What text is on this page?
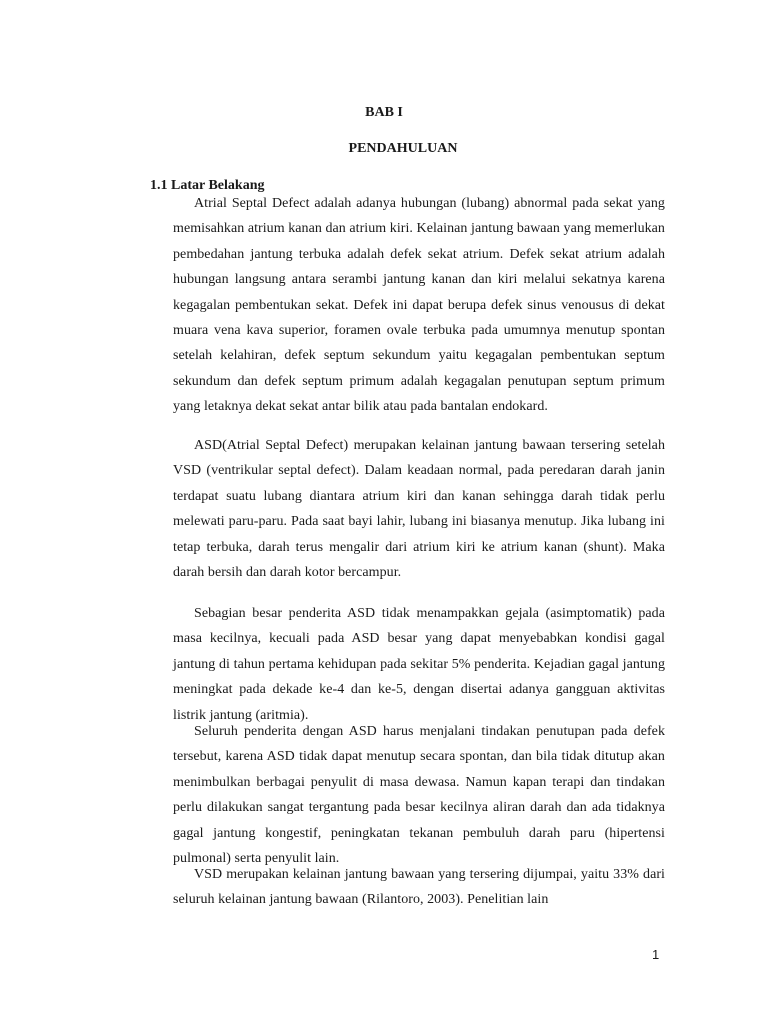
BAB I
PENDAHULUAN
1.1 Latar Belakang

Atrial Septal Defect adalah adanya hubungan (lubang) abnormal pada sekat yang memisahkan atrium kanan dan atrium kiri. Kelainan jantung bawaan yang memerlukan pembedahan jantung terbuka adalah defek sekat atrium. Defek sekat atrium adalah hubungan langsung antara serambi jantung kanan dan kiri melalui sekatnya karena kegagalan pembentukan sekat. Defek ini dapat berupa defek sinus venousus di dekat muara vena kava superior, foramen ovale terbuka pada umumnya menutup spontan setelah kelahiran, defek septum sekundum yaitu kegagalan pembentukan septum sekundum dan defek septum primum adalah kegagalan penutupan septum primum yang letaknya dekat sekat antar bilik atau pada bantalan endokard.

ASD(Atrial Septal Defect) merupakan kelainan jantung bawaan tersering setelah VSD (ventrikular septal defect). Dalam keadaan normal, pada peredaran darah janin terdapat suatu lubang diantara atrium kiri dan kanan sehingga darah tidak perlu melewati paru-paru. Pada saat bayi lahir, lubang ini biasanya menutup. Jika lubang ini tetap terbuka, darah terus mengalir dari atrium kiri ke atrium kanan (shunt). Maka darah bersih dan darah kotor bercampur.

Sebagian besar penderita ASD tidak menampakkan gejala (asimptomatik) pada masa kecilnya, kecuali pada ASD besar yang dapat menyebabkan kondisi gagal jantung di tahun pertama kehidupan pada sekitar 5% penderita. Kejadian gagal jantung meningkat pada dekade ke-4 dan ke-5, dengan disertai adanya gangguan aktivitas listrik jantung (aritmia).

Seluruh penderita dengan ASD harus menjalani tindakan penutupan pada defek tersebut, karena ASD tidak dapat menutup secara spontan, dan bila tidak ditutup akan menimbulkan berbagai penyulit di masa dewasa. Namun kapan terapi dan tindakan perlu dilakukan sangat tergantung pada besar kecilnya aliran darah dan ada tidaknya gagal jantung kongestif, peningkatan tekanan pembuluh darah paru (hipertensi pulmonal) serta penyulit lain.

VSD merupakan kelainan jantung bawaan yang tersering dijumpai, yaitu 33% dari seluruh kelainan jantung bawaan (Rilantoro, 2003). Penelitian lain

1
